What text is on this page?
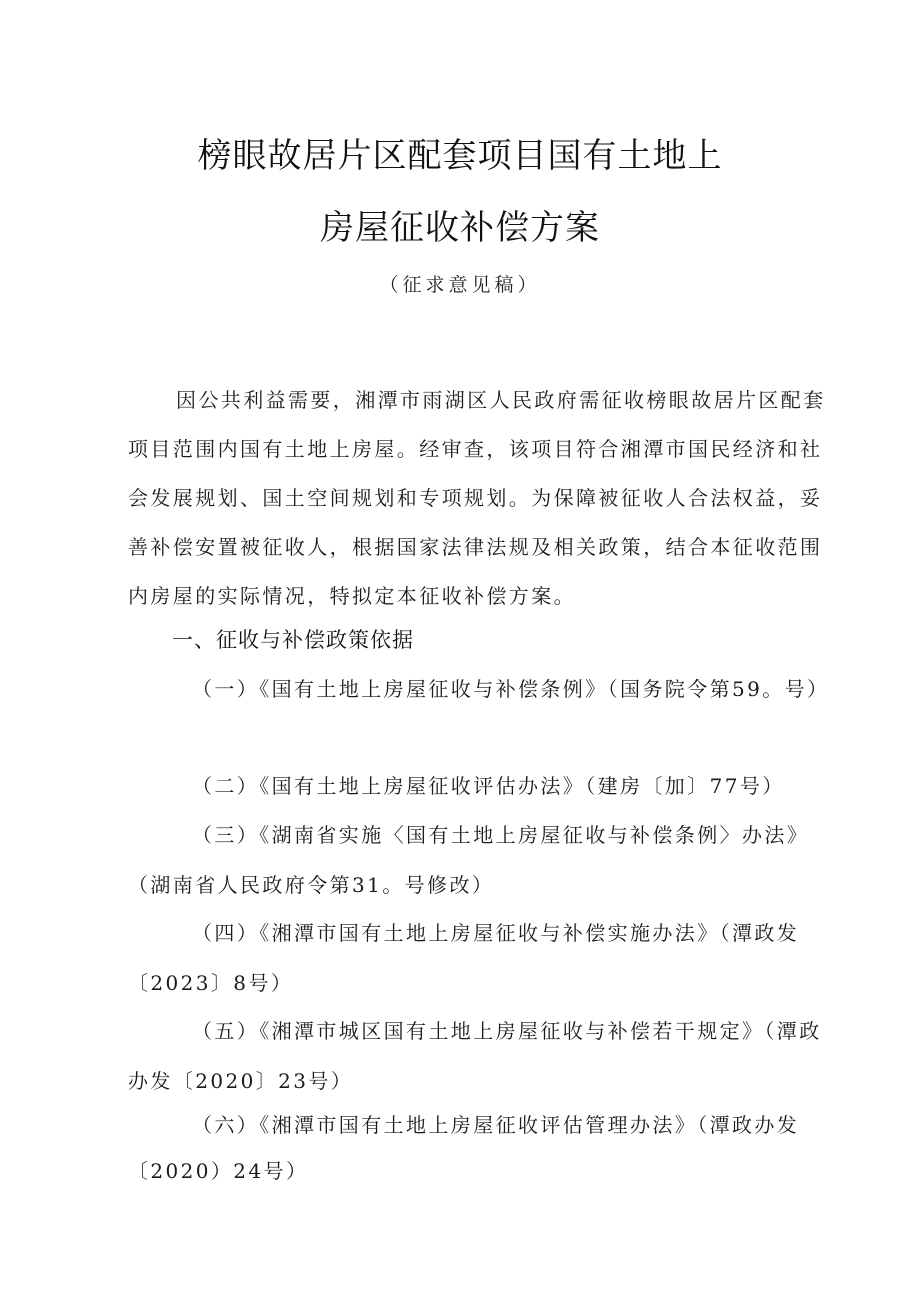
榜眼故居片区配套项目国有土地上
房屋征收补偿方案
（征求意见稿）

因公共利益需要，湘潭市雨湖区人民政府需征收榜眼故居片区配套项目范围内国有土地上房屋。经审查，该项目符合湘潭市国民经济和社会发展规划、国土空间规划和专项规划。为保障被征收人合法权益，妥善补偿安置被征收人，根据国家法律法规及相关政策，结合本征收范围内房屋的实际情况，特拟定本征收补偿方案。

一、征收与补偿政策依据

（一）《国有土地上房屋征收与补偿条例》（国务院令第59。号）

（二）《国有土地上房屋征收评估办法》（建房〔加〕77号）

（三）《湖南省实施〈国有土地上房屋征收与补偿条例〉办法》（湖南省人民政府令第31。号修改）

（四）《湘潭市国有土地上房屋征收与补偿实施办法》（潭政发〔2023〕8号）

（五）《湘潭市城区国有土地上房屋征收与补偿若干规定》（潭政办发〔2020〕23号）

（六）《湘潭市国有土地上房屋征收评估管理办法》（潭政办发〔2020）24号）
